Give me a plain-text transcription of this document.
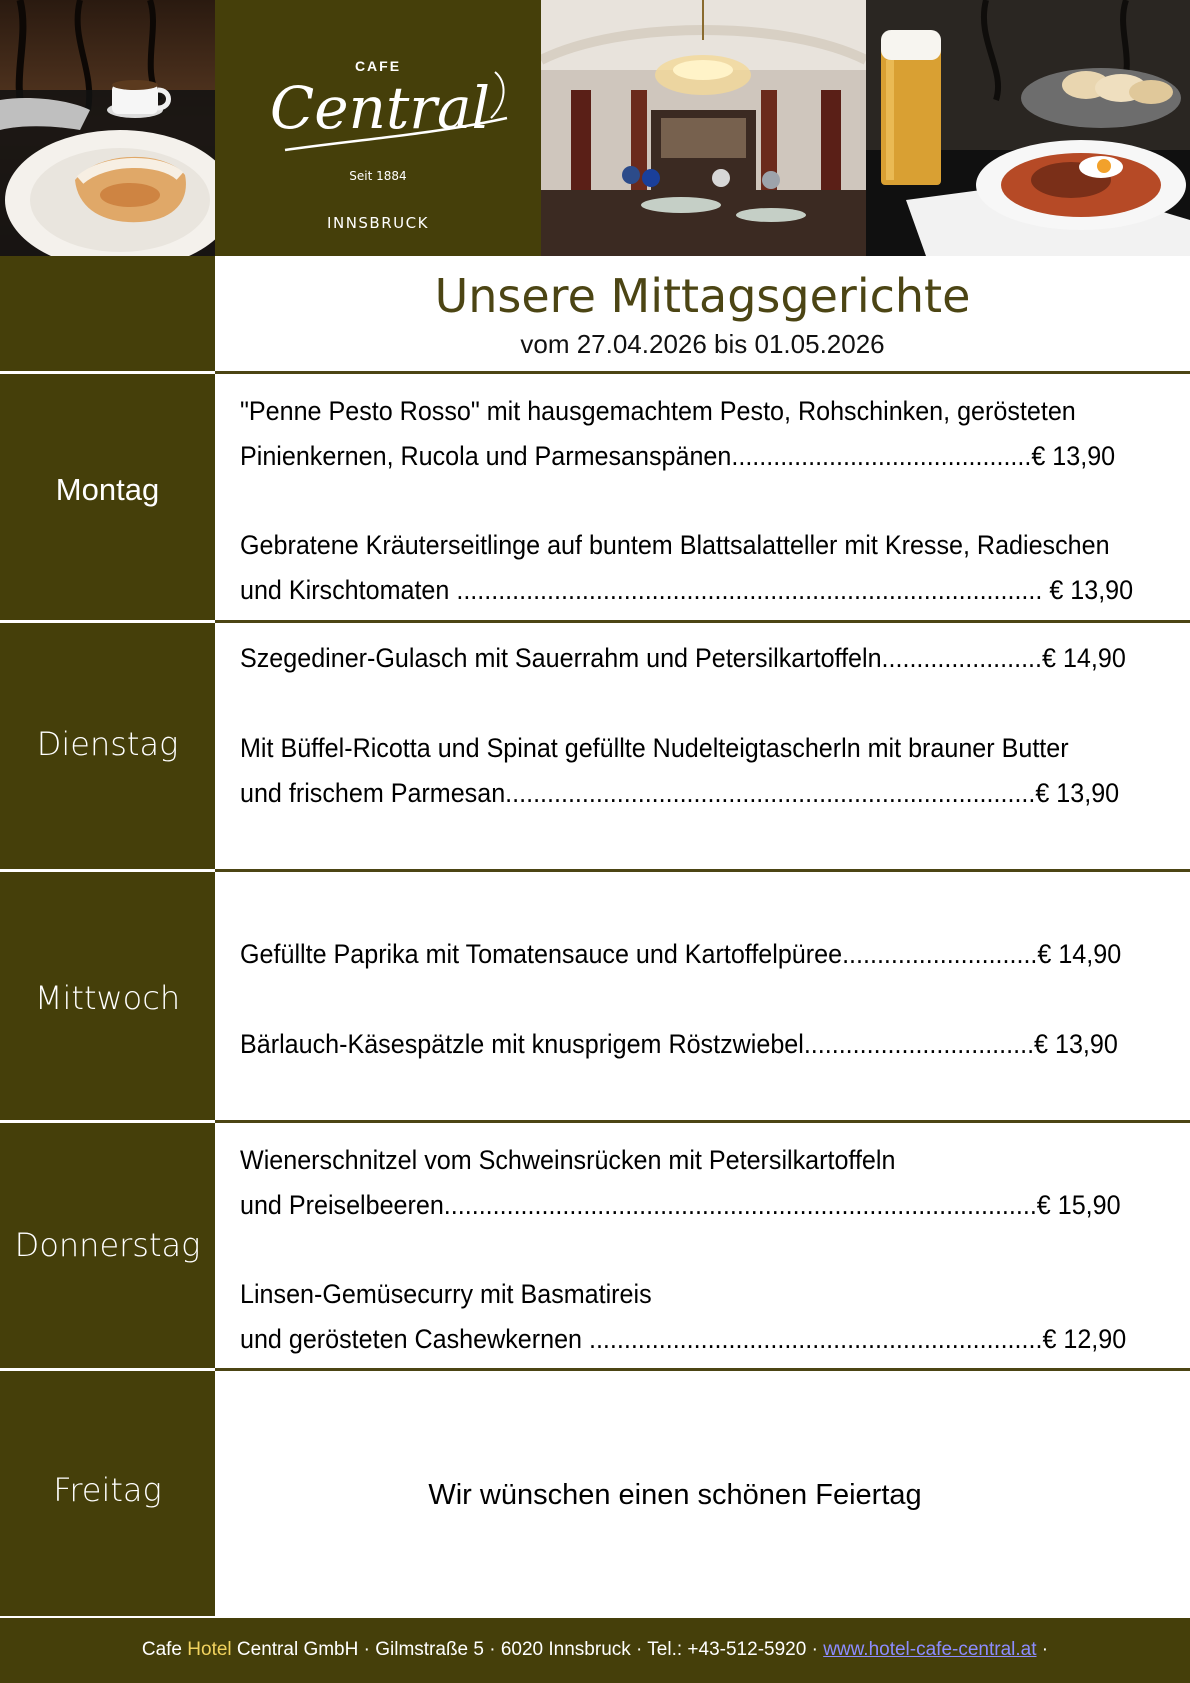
CAFE
Central
Seit 1884
INNSBRUCK
Montag
Dienstag
Mittwoch
Donnerstag
Freitag
Unsere Mittagsgerichte
vom 27.04.2026 bis 01.05.2026
"Penne Pesto Rosso" mit hausgemachtem Pesto, Rohschinken, gerösteten
Pinienkernen, Rucola und Parmesanspänen...........................................€ 13,90
Gebratene Kräuterseitlinge auf buntem Blattsalatteller mit Kresse, Radieschen
und Kirschtomaten .................................................................................... € 13,90
Szegediner-Gulasch mit Sauerrahm und Petersilkartoffeln.......................€ 14,90
Mit Büffel-Ricotta und Spinat gefüllte Nudelteigtascherln mit brauner Butter
und frischem Parmesan............................................................................€ 13,90
Gefüllte Paprika mit Tomatensauce und Kartoffelpüree............................€ 14,90
Bärlauch-Käsespätzle mit knusprigem Röstzwiebel.................................€ 13,90
Wienerschnitzel vom Schweinsrücken mit Petersilkartoffeln
und Preiselbeeren.....................................................................................€ 15,90
Linsen-Gemüsecurry mit Basmatireis
und gerösteten Cashewkernen .................................................................€ 12,90
Wir wünschen einen schönen Feiertag
Cafe Hotel Central GmbH · Gilmstraße 5 · 6020 Innsbruck · Tel.: +43-512-5920 · www.hotel-cafe-central.at ·
